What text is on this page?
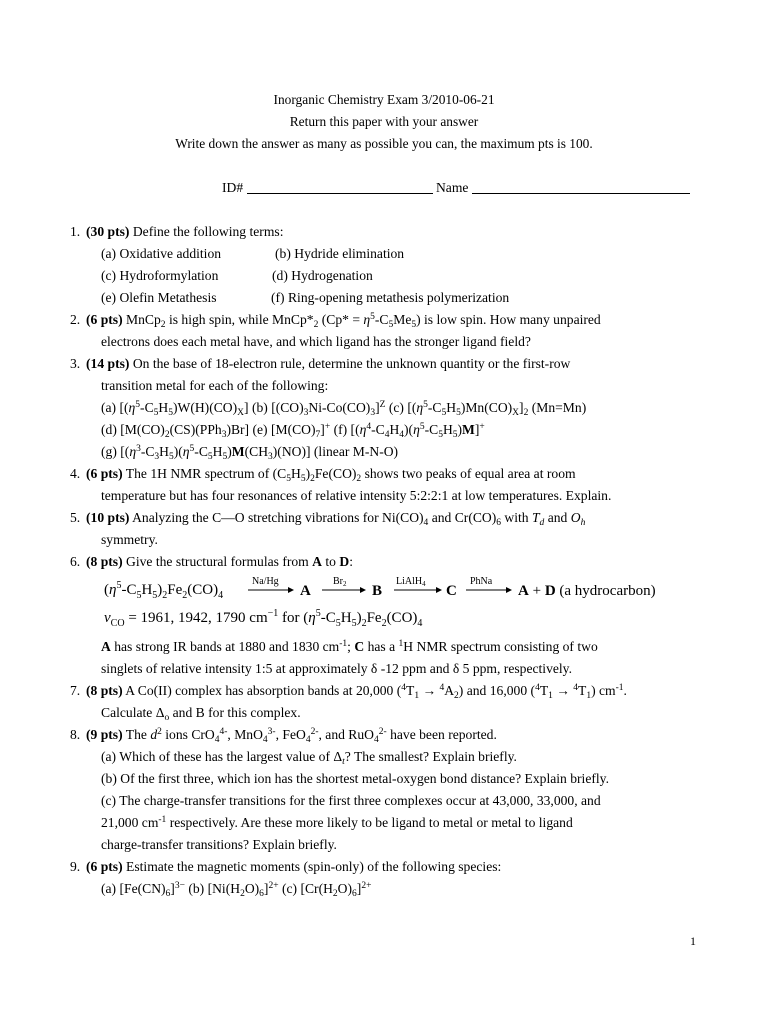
Inorganic Chemistry Exam 3/2010-06-21
Return this paper with your answer
Write down the answer as many as possible you can, the maximum pts is 100.
ID#	Name
1. (30 pts) Define the following terms:
(a) Oxidative addition	(b) Hydride elimination
(c) Hydroformylation	(d) Hydrogenation
(e) Olefin Metathesis	(f) Ring-opening metathesis polymerization
2. (6 pts) MnCp$_2$ is high spin, while $MnCp*_2$ $(Cp* = \eta^5-C_5Me_5)$ is low spin. How many unpaired
electrons does each metal have, and which ligand has the stronger ligand field?
3. (14 pts) On the base of 18-electron rule, determine the unknown quantity or the first-row
transition metal for each of the following:
(a) $[(\eta^5-C_5H_5)W(H)(CO)_X]$ (b) $[(CO)_3Ni-Co(CO)_3]^Z$ (c) $[(\eta^5-C_5H_5)Mn(CO)_X]_2$ (Mn=Mn)
(d) $[M(CO)_2(CS)(PPh_3)Br]$ (e) $[M(CO)_7]^+$ (f) $[(\eta^4-C_4H_4)(\eta^5-C_5H_5)M]^+$
(g) $[(\eta^3-C_3H_5)(\eta^5-C_5H_5)M(CH_3)(NO)]$ (linear M-N-O)
4. (6 pts) The 1H NMR spectrum of $(C_5H_5)_2Fe(CO)_2$ shows two peaks of equal area at room
temperature but has four resonances of relative intensity 5:2:2:1 at low temperatures. Explain.
5. (10 pts) Analyzing the C—O stretching vibrations for $Ni(CO)_4$ and $Cr(CO)_6$ with $T_d$ and $O_h$
symmetry.
6. (8 pts) Give the structural formulas from A to D:
$(\eta^5-C_5H_5)_2Fe_2(CO)_4$
Na/Hg
A
$Br_2$ B
LiAlH$_4$ C
PhNa
A + D (a hydrocarbon)
$\nu_{CO} = 1961$, 1942, 1790 $cm^{-1}$ for $(\eta^5-C_5H_5)_2Fe_2(CO)_4$
A has strong IR bands at 1880 and 1830 $cm^{-1}$; C has a $^1$H NMR spectrum consisting of two
singlets of relative intensity 1:5 at approximately δ -12 ppm and δ 5 ppm, respectively.
7. (8 pts) A Co(II) complex has absorption bands at 20,000 $(^4T_1 \to ^4A_2)$ and 16,000 $(^4T_1 \to ^4T_1)$ $cm^{-1}$.
Calculate $\Delta_o$ and B for this complex.
8. (9 pts) The $d^2$ ions CrO$_4^{4-}$, MnO$_4^{3-}$, FeO$_4^{2-}$, and RuO$_4^{2-}$ have been reported.
(a) Which of these has the largest value of $\Delta_t$? The smallest? Explain briefly.
(b) Of the first three, which ion has the shortest metal-oxygen bond distance? Explain briefly.
(c) The charge-transfer transitions for the first three complexes occur at 43,000, 33,000, and
21,000 $cm^{-1}$ respectively. Are these more likely to be ligand to metal or metal to ligand
charge-transfer transitions? Explain briefly.
9. (6 pts) Estimate the magnetic moments (spin-only) of the following species:
(a) $[Fe(CN)_6]^{3-}$ (b) $[Ni(H_2O)_6]^{2+}$ (c) $[Cr(H_2O)_6]^{2+}$
1
